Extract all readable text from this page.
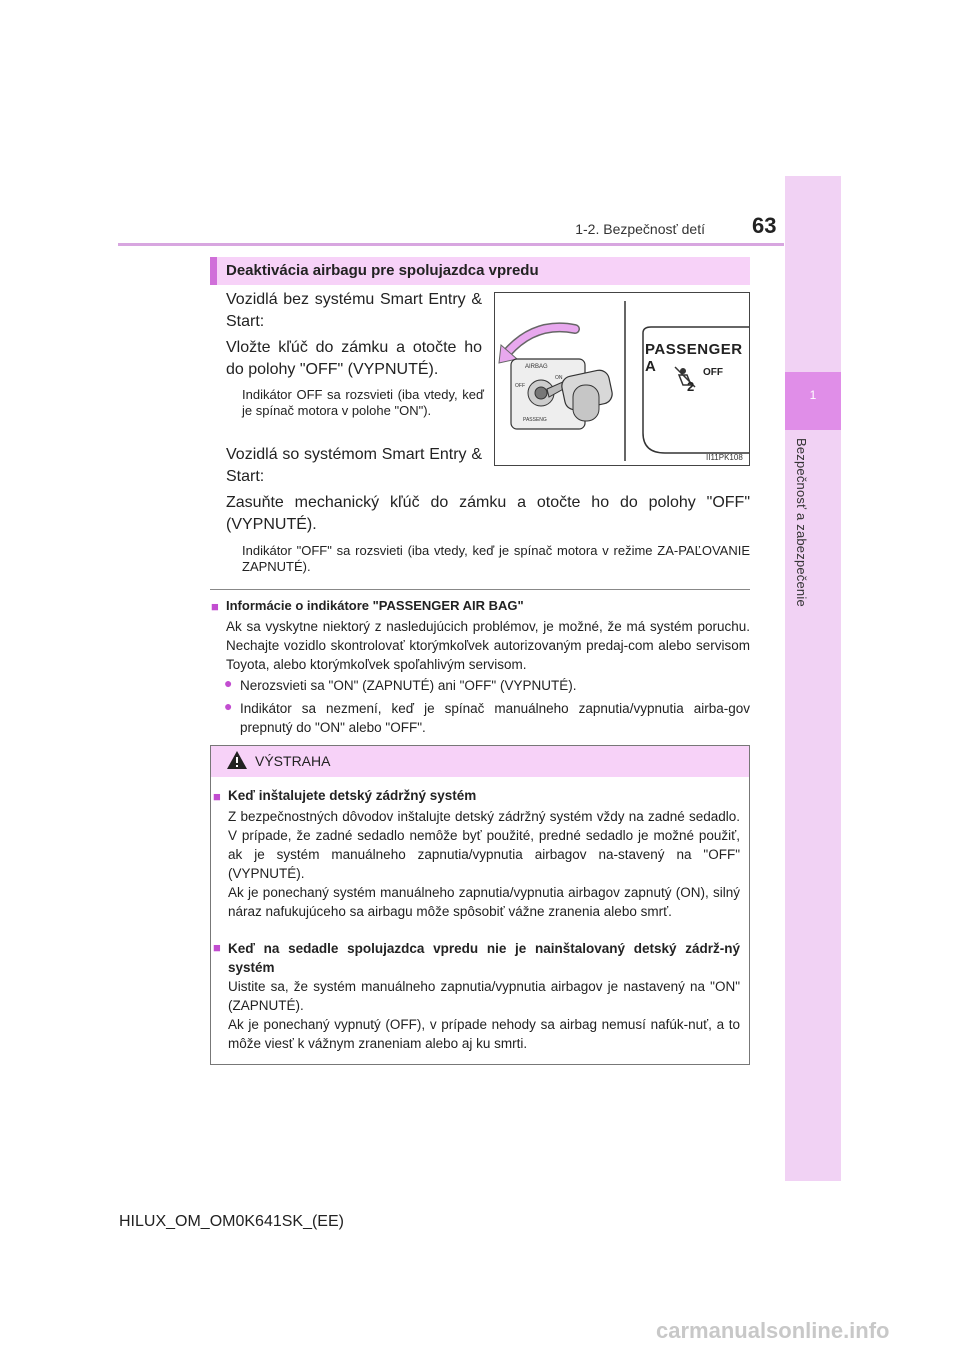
1-2. Bezpečnosť detí 63
1
Bezpečnosť a zabezpečenie
Deaktivácia airbagu pre spolujazdca vpredu
Vozidlá bez systému Smart Entry & Start:
Vložte kľúč do zámku a otočte ho do polohy "OFF" (VYPNUTÉ).
Indikátor OFF sa rozsvieti (iba vtedy, keď je spínač motora v polohe "ON").
Vozidlá so systémom Smart Entry & Start:
Zasuňte mechanický kľúč do zámku a otočte ho do polohy "OFF" (VYPNUTÉ).
Indikátor "OFF" sa rozsvieti (iba vtedy, keď je spínač motora v režime ZA-PAĽOVANIE ZAPNUTÉ).
PASSENGER A	OFF
2
AIRBAG
ON
OFF
PASSENG
II11PK108
■ Informácie o indikátore "PASSENGER AIR BAG"
Ak sa vyskytne niektorý z nasledujúcich problémov, je možné, že má systém poruchu. Nechajte vozidlo skontrolovať ktorýmkoľvek autorizovaným predaj-com alebo servisom Toyota, alebo ktorýmkoľvek spoľahlivým servisom.
● Nerozsvieti sa "ON" (ZAPNUTÉ) ani "OFF" (VYPNUTÉ).
● Indikátor sa nezmení, keď je spínač manuálneho zapnutia/vypnutia airba-gov prepnutý do "ON" alebo "OFF".
VÝSTRAHA
■ Keď inštalujete detský zádržný systém
Z bezpečnostných dôvodov inštalujte detský zádržný systém vždy na zadné sedadlo. V prípade, že zadné sedadlo nemôže byť použité, predné sedadlo je možné použiť, ak je systém manuálneho zapnutia/vypnutia airbagov na-stavený na "OFF" (VYPNUTÉ).
Ak je ponechaný systém manuálneho zapnutia/vypnutia airbagov zapnutý (ON), silný náraz nafukujúceho sa airbagu môže spôsobiť vážne zranenia alebo smrť.
■ Keď na sedadle spolujazdca vpredu nie je nainštalovaný detský zádrž-ný systém
Uistite sa, že systém manuálneho zapnutia/vypnutia airbagov je nastavený na "ON" (ZAPNUTÉ).
Ak je ponechaný vypnutý (OFF), v prípade nehody sa airbag nemusí nafúk-nuť, a to môže viesť k vážnym zraneniam alebo aj ku smrti.
HILUX_OM_OM0K641SK_(EE)
carmanualsonline.info
